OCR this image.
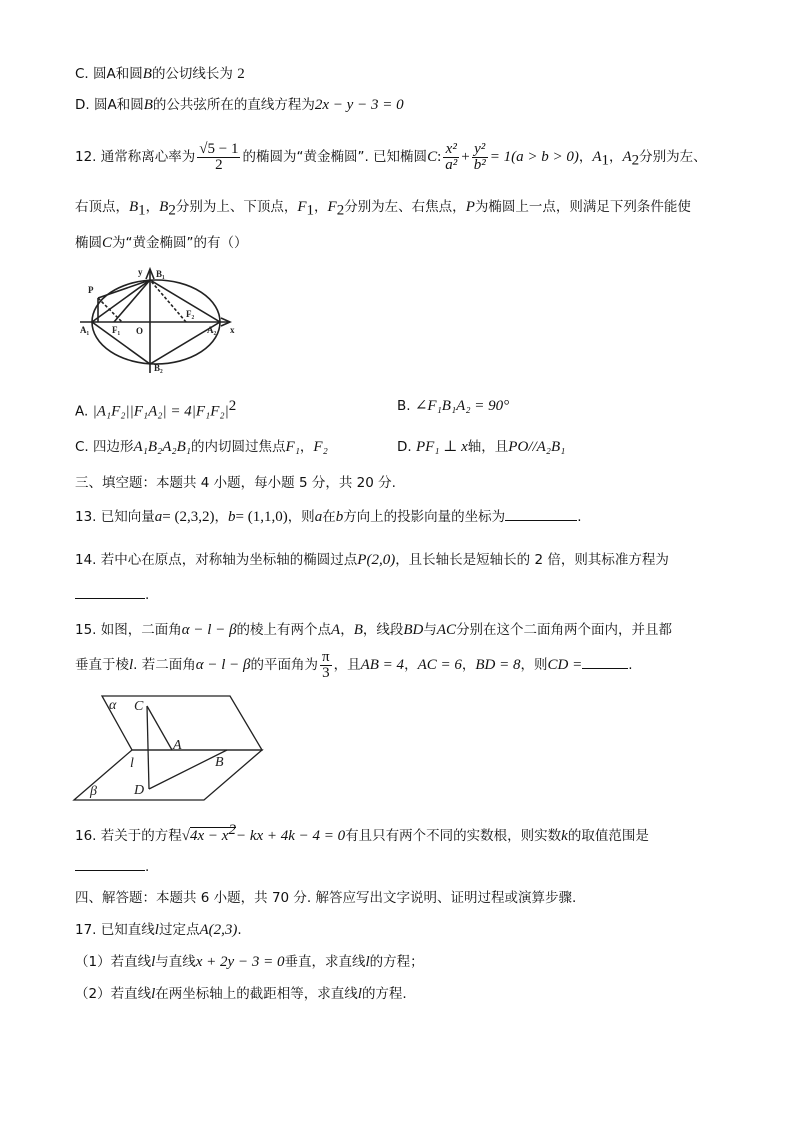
C. 圆A和圆B的公切线长为 2
D. 圆A和圆B的公共弦所在的直线方程为2x − y − 3 = 0
12. 通常称离心率为 $\frac{√5 - 1}{2}$ 的椭圆为“黄金椭圆”. 已知椭圆C: $\frac{\text{x²}}{\text{a²}} + \frac{\text{y²}}{\text{b²}} = 1(a > b > 0)$，$A_1$，$A_2$分别为左、
右顶点，$B_1$，$B_2$分别为上、下顶点，$F_1$，$F_2$分别为左、右焦点，P为椭圆上一点，则满足下列条件能使
椭圆C为“黄金椭圆”的有（）
y B₁
B₂
P
A₁	A₂
F₁
F₂
O	x
A. $|A_1F_2||F_1A_2| = 4|F_1F_2|^2$	B. ∠F₁B₁A₂ = 90°
C. 四边形A₁B₂A₂B₁的内切圆过焦点F₁，F₂	D. PF₁ ⊥ x轴，且PO//A₂B₁
三、填空题：本题共 4 小题，每小题 5 分，共 20 分.
13. 已知向量a= (2,3,2)，b= (1,1,0)，则a在b方向上的投影向量的坐标为	.
14. 若中心在原点，对称轴为坐标轴的椭圆过点P(2,0)，且长轴长是短轴长的 2 倍，则其标准方程为
.
15. 如图，二面角α − l − β的棱上有两个点A，B，线段BD与AC分别在这个二面角两个面内，并且都
垂直于棱l. 若二面角α − l − β的平面角为 $\frac{\pi}{3}$ ，且AB = 4，AC = 6，BD = 8，则CD =	.
α C
A
l	B
D
β
16. 若关于的方程$√4x - x^2-$ kx + 4k − 4 = 0有且只有两个不同的实数根，则实数k的取值范围是
.
四、解答题：本题共 6 小题，共 70 分. 解答应写出文字说明、证明过程或演算步骤.
17. 已知直线l过定点A(2,3).
（1）若直线l与直线x + 2y − 3 = 0垂直，求直线l的方程；
（2）若直线l在两坐标轴上的截距相等，求直线l的方程.
